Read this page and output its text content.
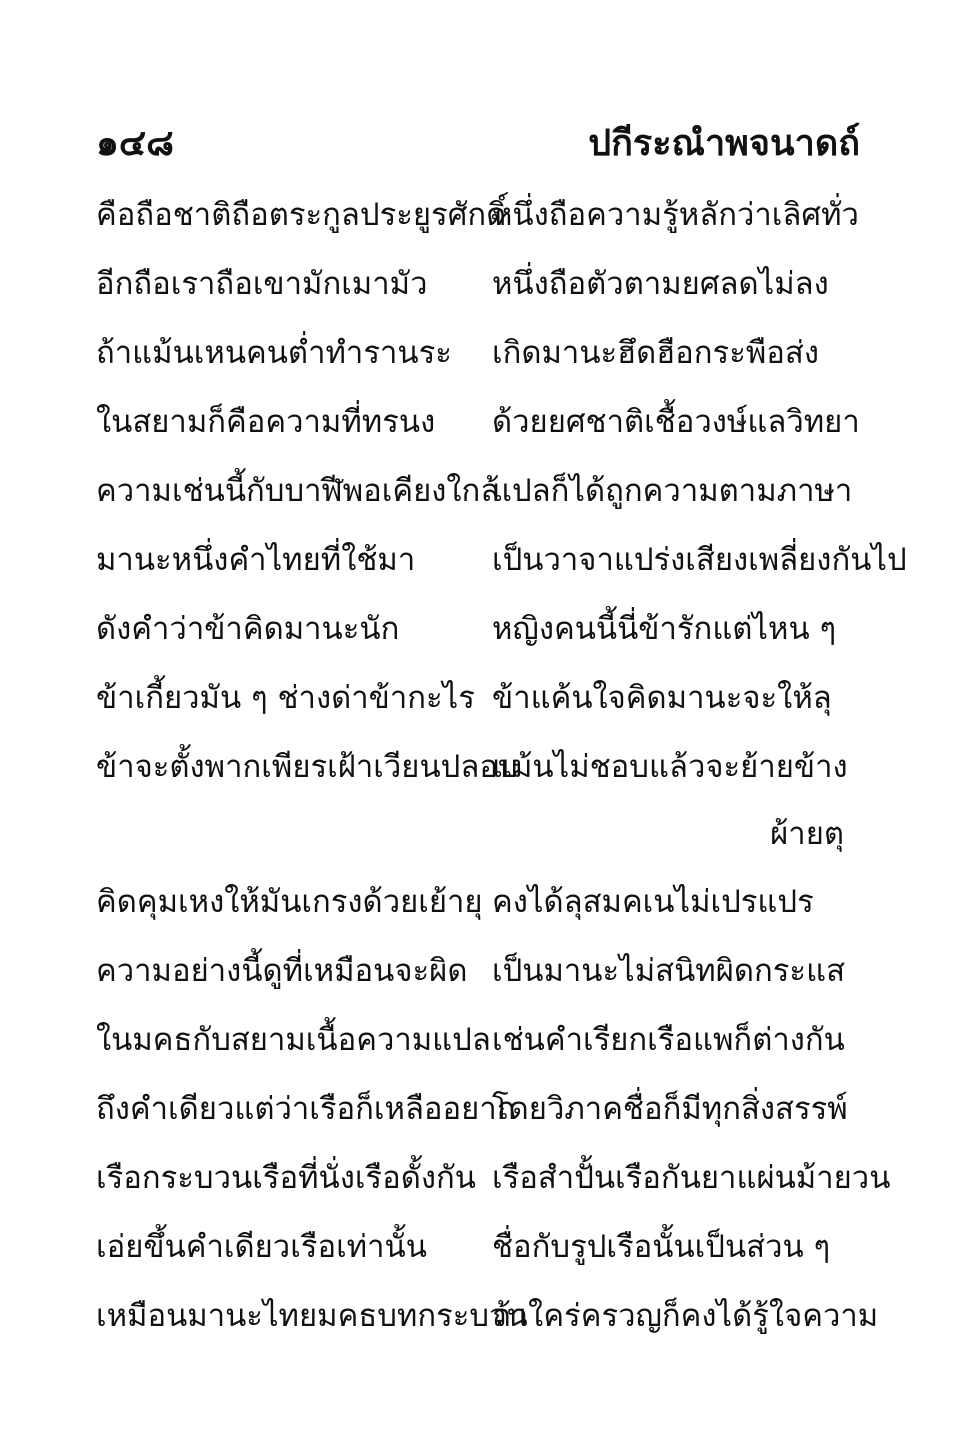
๑๔๘	ปกีระณำพจนาดถ์
คือถือชาติถือตระกูลประยูรศักดิ์
หนึ่งถือความรู้หลักว่าเลิศทั่ว
อีกถือเราถือเขามักเมามัว หนึ่งถือตัวตามยศลดไม่ลง
ถ้าแม้นเหนคนต่ำทำรานระ เกิดมานะฮึดฮือกระพือส่ง
ในสยามก็คือความที่ทรนง ด้วยยศชาติเชื้อวงษ์แลวิทยา
ความเช่นนี้กับบาฬีพอเคียงใกล้
แปลก็ได้ถูกความตามภาษา
มานะหนึ่งคำไทยที่ใช้มา เป็นวาจาแปร่งเสียงเพลี่ยงกันไป
ดังคำว่าข้าคิดมานะนัก	หญิงคนนี้นี่ข้ารักแต่ไหน ๆ
ข้าเกี้ยวมัน ๆ ช่างด่าข้ากะไร ข้าแค้นใจคิดมานะจะให้ลุ
ข้าจะตั้งพากเพียรเฝ้าเวียนปลอบ
แม้นไม่ชอบแล้วจะย้ายข้าง
ผ้ายตุ
คิดคุมเหงให้มันเกรงด้วยเย้ายุ คงได้ลุสมคเนไม่เปรแปร
ความอย่างนี้ดูที่เหมือนจะผิด เป็นมานะไม่สนิทผิดกระแส
ในมคธกับสยามเนื้อความแปล เช่นคำเรียกเรือแพก็ต่างกัน
ถึงคำเดียวแต่ว่าเรือก็เหลืออยาก
โดยวิภาคชื่อก็มีทุกสิ่งสรรพ์
เรือกระบวนเรือที่นั่งเรือดั้งกัน เรือสำปั้นเรือกันยาแผ่นม้ายวน
เอ่ยขึ้นคำเดียวเรือเท่านั้น ชื่อกับรูปเรือนั้นเป็นส่วน ๆ
เหมือนมานะไทยมคธบทกระบวน
ถ้าใคร่ครวญก็คงได้รู้ใจความ
